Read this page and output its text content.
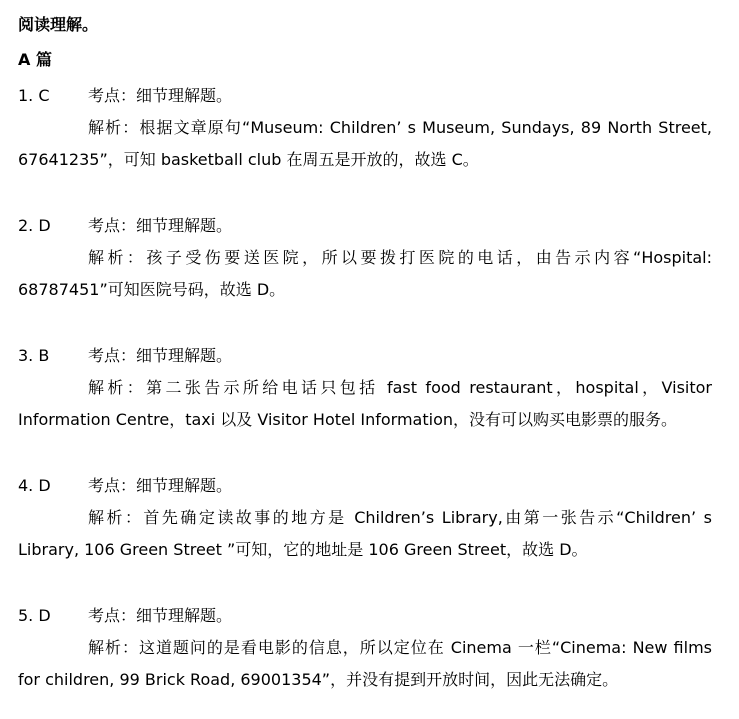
阅读理解。
A 篇
1. C 考点：细节理解题。
解析：根据文章原句“Museum: Children’ s Museum, Sundays, 89 North Street,
67641235”，可知 basketball club 在周五是开放的，故选 C。
2. D 考点：细节理解题。
解析：孩子受伤要送医院，所以要拨打医院的电话，由告示内容“Hospital:
68787451”可知医院号码，故选 D。
3. B 考点：细节理解题。
解析：第二张告示所给电话只包括 fast food restaurant，hospital，Visitor
Information Centre，taxi 以及 Visitor Hotel Information，没有可以购买电影票的服务。
4. D 考点：细节理解题。
解析：首先确定读故事的地方是 Children’s Library,由第一张告示“Children’ s
Library, 106 Green Street ”可知，它的地址是 106 Green Street，故选 D。
5. D 考点：细节理解题。
解析：这道题问的是看电影的信息，所以定位在 Cinema 一栏“Cinema: New films
for children, 99 Brick Road, 69001354”，并没有提到开放时间，因此无法确定。
